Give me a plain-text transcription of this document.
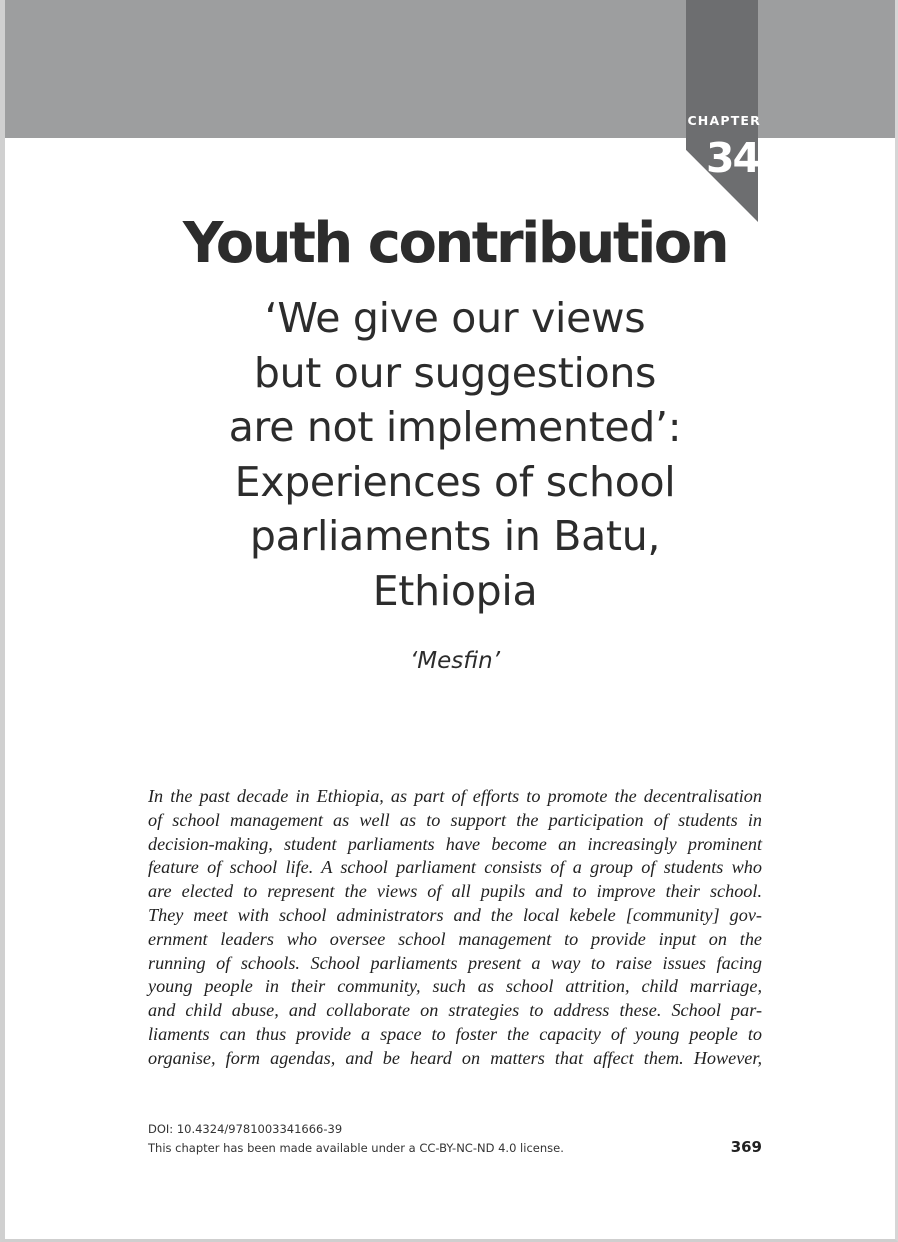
CHAPTER
34
Youth contribution
‘We give our views
but our suggestions
are not implemented’:
Experiences of school
parliaments in Batu,
Ethiopia
‘Mesfin’
In the past decade in Ethiopia, as part of efforts to promote the decentralisation
of school management as well as to support the participation of students in
decision-making, student parliaments have become an increasingly prominent
feature of school life. A school parliament consists of a group of students who
are elected to represent the views of all pupils and to improve their school.
They meet with school administrators and the local kebele [community] gov-
ernment leaders who oversee school management to provide input on the
running of schools. School parliaments present a way to raise issues facing
young people in their community, such as school attrition, child marriage,
and child abuse, and collaborate on strategies to address these. School par-
liaments can thus provide a space to foster the capacity of young people to
organise, form agendas, and be heard on matters that affect them. However,
DOI: 10.4324/9781003341666-39
This chapter has been made available under a CC-BY-NC-ND 4.0 license.	369
